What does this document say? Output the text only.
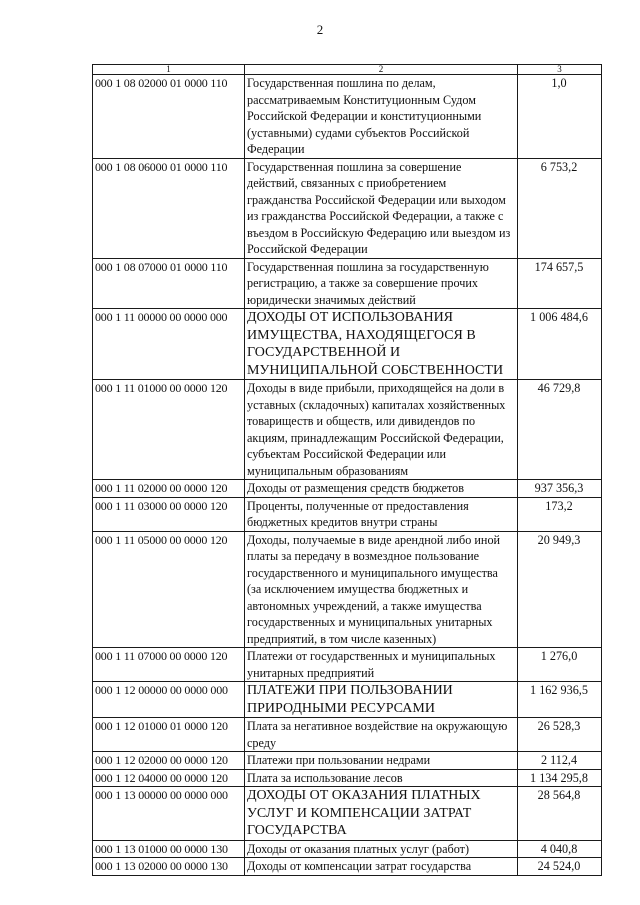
2
1	2	3
000 1 08 02000 01 0000 110	Государственная пошлина по делам, рассматриваемым Конституционным Судом Российской Федерации и конституционными (уставными) судами субъектов Российской Федерации	1,0
000 1 08 06000 01 0000 110	Государственная пошлина за совершение действий, связанных с приобретением гражданства Российской Федерации или выходом из гражданства Российской Федерации, а также с въездом в Российскую Федерацию или выездом из Российской Федерации	6 753,2
000 1 08 07000 01 0000 110	Государственная пошлина за государственную регистрацию, а также за совершение прочих юридически значимых действий	174 657,5
000 1 11 00000 00 0000 000	ДОХОДЫ ОТ ИСПОЛЬЗОВАНИЯ ИМУЩЕСТВА, НАХОДЯЩЕГОСЯ В ГОСУДАРСТВЕННОЙ И МУНИЦИПАЛЬНОЙ СОБСТВЕННОСТИ	1 006 484,6
000 1 11 01000 00 0000 120	Доходы в виде прибыли, приходящейся на доли в уставных (складочных) капиталах хозяйственных товариществ и обществ, или дивидендов по акциям, принадлежащим Российской Федерации, субъектам Российской Федерации или муниципальным образованиям	46 729,8
000 1 11 02000 00 0000 120	Доходы от размещения средств бюджетов	937 356,3
000 1 11 03000 00 0000 120	Проценты, полученные от предоставления бюджетных кредитов внутри страны	173,2
000 1 11 05000 00 0000 120	Доходы, получаемые в виде арендной либо иной платы за передачу в возмездное пользование государственного и муниципального имущества (за исключением имущества бюджетных и автономных учреждений, а также имущества государственных и муниципальных унитарных предприятий, в том числе казенных)	20 949,3
000 1 11 07000 00 0000 120	Платежи от государственных и муниципальных унитарных предприятий	1 276,0
000 1 12 00000 00 0000 000	ПЛАТЕЖИ ПРИ ПОЛЬЗОВАНИИ ПРИРОДНЫМИ РЕСУРСАМИ	1 162 936,5
000 1 12 01000 01 0000 120	Плата за негативное воздействие на окружающую среду	26 528,3
000 1 12 02000 00 0000 120	Платежи при пользовании недрами	2 112,4
000 1 12 04000 00 0000 120	Плата за использование лесов	1 134 295,8
000 1 13 00000 00 0000 000	ДОХОДЫ ОТ ОКАЗАНИЯ ПЛАТНЫХ УСЛУГ И КОМПЕНСАЦИИ ЗАТРАТ ГОСУДАРСТВА	28 564,8
000 1 13 01000 00 0000 130	Доходы от оказания платных услуг (работ)	4 040,8
000 1 13 02000 00 0000 130	Доходы от компенсации затрат государства	24 524,0
